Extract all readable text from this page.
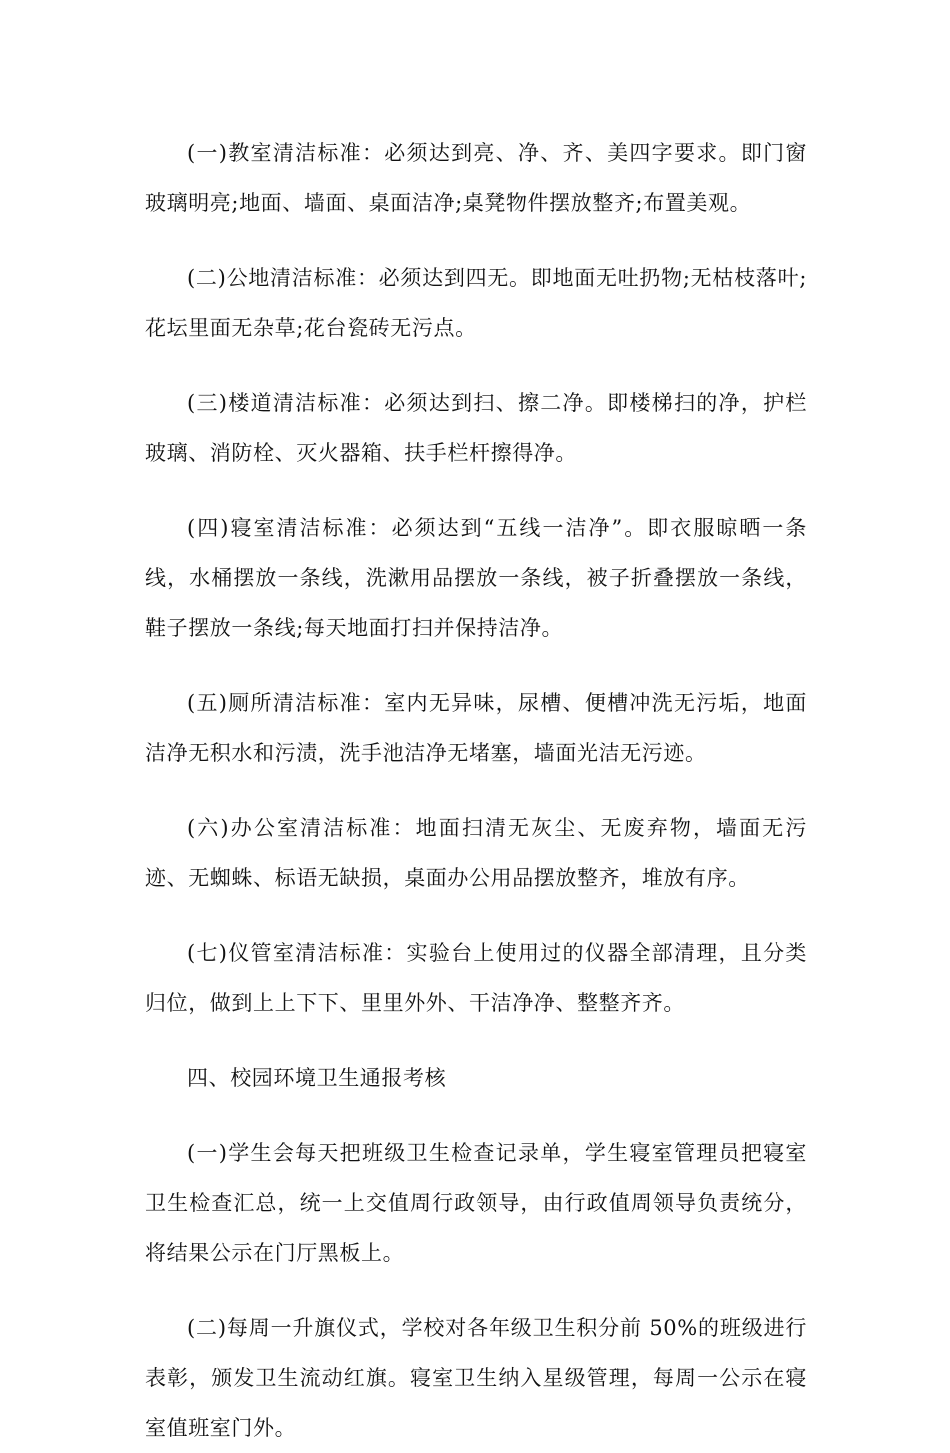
(一)教室清洁标准：必须达到亮、净、齐、美四字要求。即门窗玻璃明亮;地面、墙面、桌面洁净;桌凳物件摆放整齐;布置美观。

(二)公地清洁标准：必须达到四无。即地面无吐扔物;无枯枝落叶;花坛里面无杂草;花台瓷砖无污点。

(三)楼道清洁标准：必须达到扫、擦二净。即楼梯扫的净，护栏玻璃、消防栓、灭火器箱、扶手栏杆擦得净。

(四)寝室清洁标准：必须达到“五线一洁净”。即衣服晾晒一条线，水桶摆放一条线，洗漱用品摆放一条线，被子折叠摆放一条线，鞋子摆放一条线;每天地面打扫并保持洁净。

(五)厕所清洁标准：室内无异味，尿槽、便槽冲洗无污垢，地面洁净无积水和污渍，洗手池洁净无堵塞，墙面光洁无污迹。

(六)办公室清洁标准：地面扫清无灰尘、无废弃物，墙面无污迹、无蜘蛛、标语无缺损，桌面办公用品摆放整齐，堆放有序。

(七)仪管室清洁标准：实验台上使用过的仪器全部清理，且分类归位，做到上上下下、里里外外、干洁净净、整整齐齐。

四、校园环境卫生通报考核

(一)学生会每天把班级卫生检查记录单，学生寝室管理员把寝室卫生检查汇总，统一上交值周行政领导，由行政值周领导负责统分，将结果公示在门厅黑板上。

(二)每周一升旗仪式，学校对各年级卫生积分前 50%的班级进行表彰，颁发卫生流动红旗。寝室卫生纳入星级管理，每周一公示在寝室值班室门外。
